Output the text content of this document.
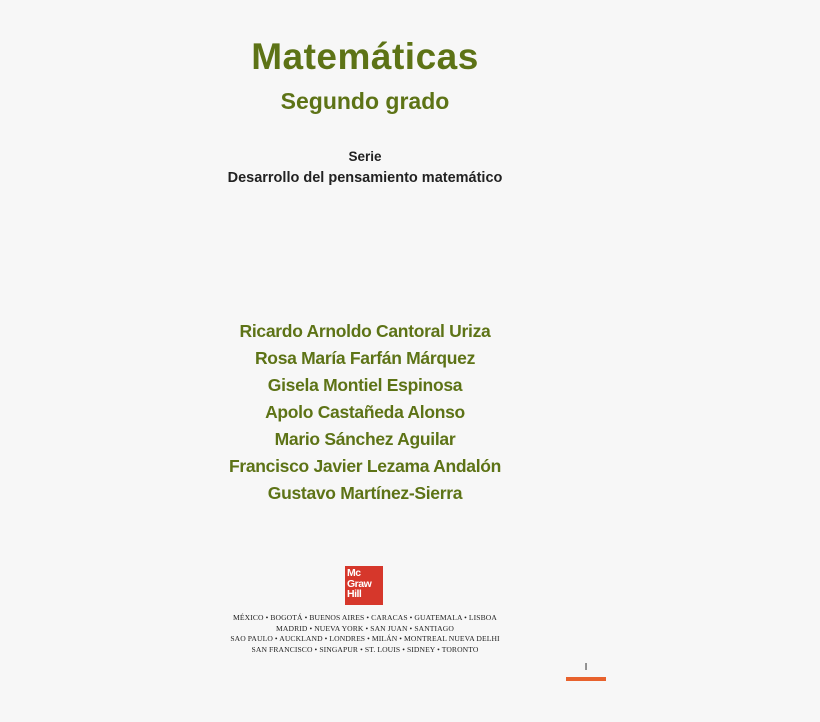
Matemáticas
Segundo grado
Serie
Desarrollo del pensamiento matemático
Ricardo Arnoldo Cantoral Uriza
Rosa María Farfán Márquez
Gisela Montiel Espinosa
Apolo Castañeda Alonso
Mario Sánchez Aguilar
Francisco Javier Lezama Andalón
Gustavo Martínez-Sierra
Mc
Graw
Hill
MÉXICO • BOGOTÁ • BUENOS AIRES • CARACAS • GUATEMALA • LISBOA
MADRID • NUEVA YORK • SAN JUAN • SANTIAGO
SAO PAULO • AUCKLAND • LONDRES • MILÁN • MONTREAL NUEVA DELHI
SAN FRANCISCO • SINGAPUR • ST. LOUIS • SIDNEY • TORONTO
I
